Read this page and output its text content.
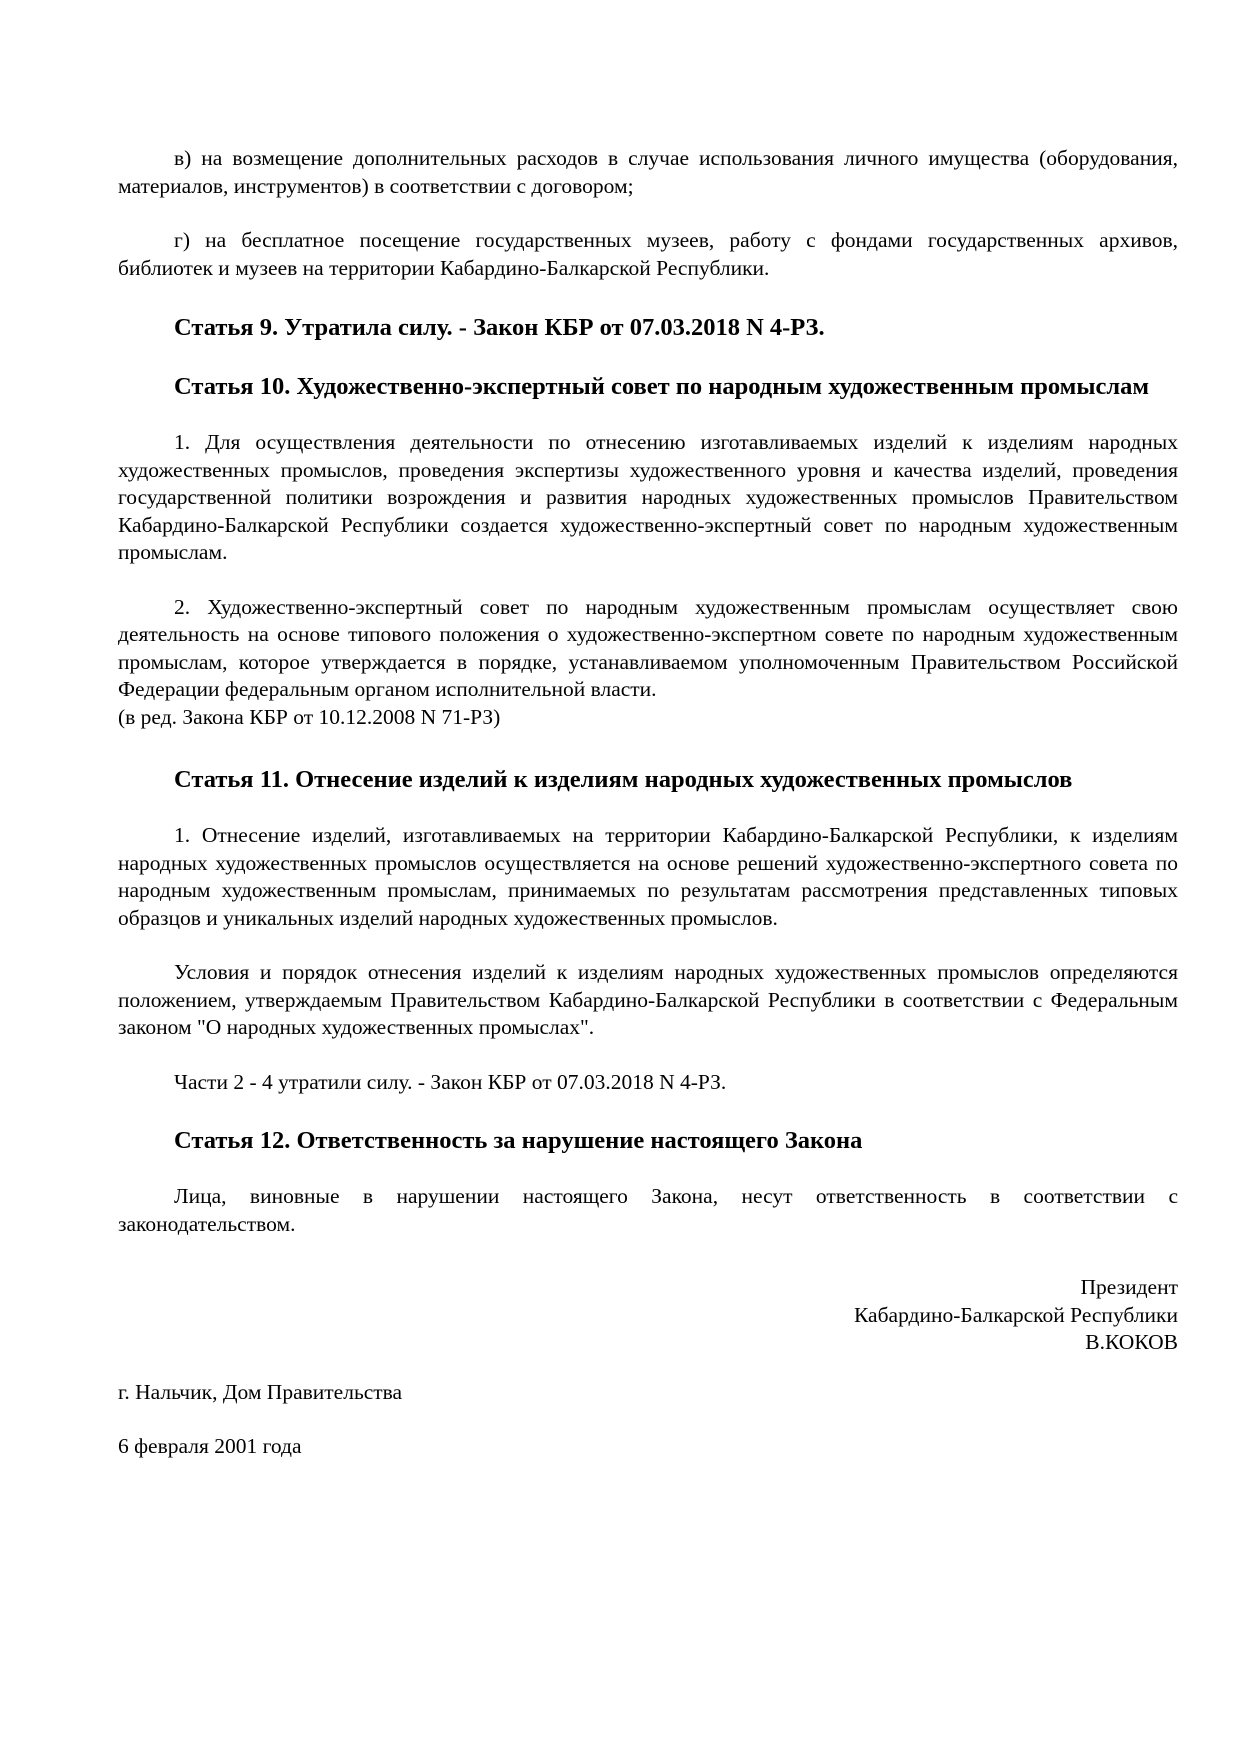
в) на возмещение дополнительных расходов в случае использования личного имущества (оборудования, материалов, инструментов) в соответствии с договором;

г) на бесплатное посещение государственных музеев, работу с фондами государственных архивов, библиотек и музеев на территории Кабардино-Балкарской Республики.

Статья 9. Утратила силу. - Закон КБР от 07.03.2018 N 4-РЗ.
Статья 10. Художественно-экспертный совет по народным художественным промыслам

1. Для осуществления деятельности по отнесению изготавливаемых изделий к изделиям народных художественных промыслов, проведения экспертизы художественного уровня и качества изделий, проведения государственной политики возрождения и развития народных художественных промыслов Правительством Кабардино-Балкарской Республики создается художественно-экспертный совет по народным художественным промыслам.

2. Художественно-экспертный совет по народным художественным промыслам осуществляет свою деятельность на основе типового положения о художественно-экспертном совете по народным художественным промыслам, которое утверждается в порядке, устанавливаемом уполномоченным Правительством Российской Федерации федеральным органом исполнительной власти.

(в ред. Закона КБР от 10.12.2008 N 71-РЗ)

Статья 11. Отнесение изделий к изделиям народных художественных промыслов

1. Отнесение изделий, изготавливаемых на территории Кабардино-Балкарской Республики, к изделиям народных художественных промыслов осуществляется на основе решений художественно-экспертного совета по народным художественным промыслам, принимаемых по результатам рассмотрения представленных типовых образцов и уникальных изделий народных художественных промыслов.

Условия и порядок отнесения изделий к изделиям народных художественных промыслов определяются положением, утверждаемым Правительством Кабардино-Балкарской Республики в соответствии с Федеральным законом "О народных художественных промыслах".

Части 2 - 4 утратили силу. - Закон КБР от 07.03.2018 N 4-РЗ.

Статья 12. Ответственность за нарушение настоящего Закона

Лица, виновные в нарушении настоящего Закона, несут ответственность в соответствии с законодательством.

Президент
Кабардино-Балкарской Республики
В.КОКОВ

г. Нальчик, Дом Правительства

6 февраля 2001 года
